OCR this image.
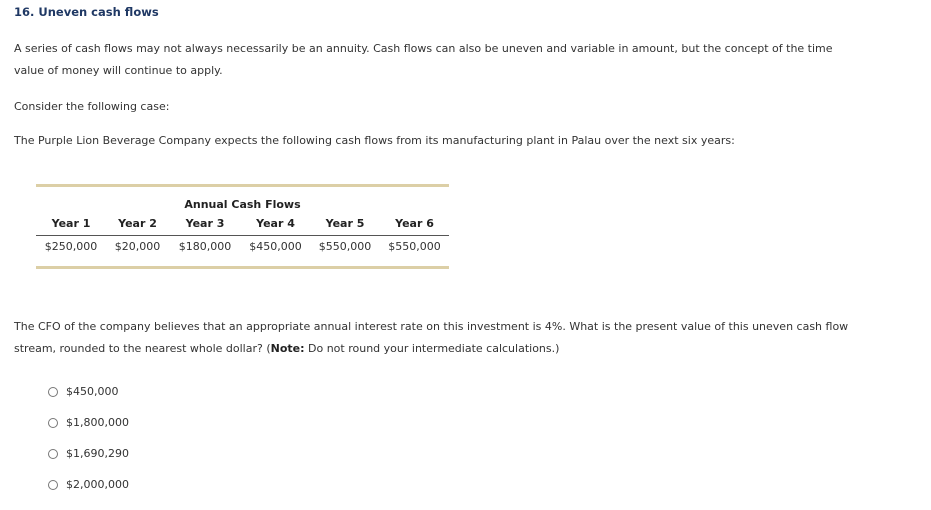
16. Uneven cash flows
A series of cash flows may not always necessarily be an annuity. Cash flows can also be uneven and variable in amount, but the concept of the time value of money will continue to apply.
Consider the following case:
The Purple Lion Beverage Company expects the following cash flows from its manufacturing plant in Palau over the next six years:
Annual Cash Flows
Year 1	Year 2	Year 3	Year 4	Year 5	Year 6
$250,000	$20,000	$180,000	$450,000	$550,000	$550,000
The CFO of the company believes that an appropriate annual interest rate on this investment is 4%. What is the present value of this uneven cash flow stream, rounded to the nearest whole dollar? (Note: Do not round your intermediate calculations.)
$450,000
$1,800,000
$1,690,290
$2,000,000
